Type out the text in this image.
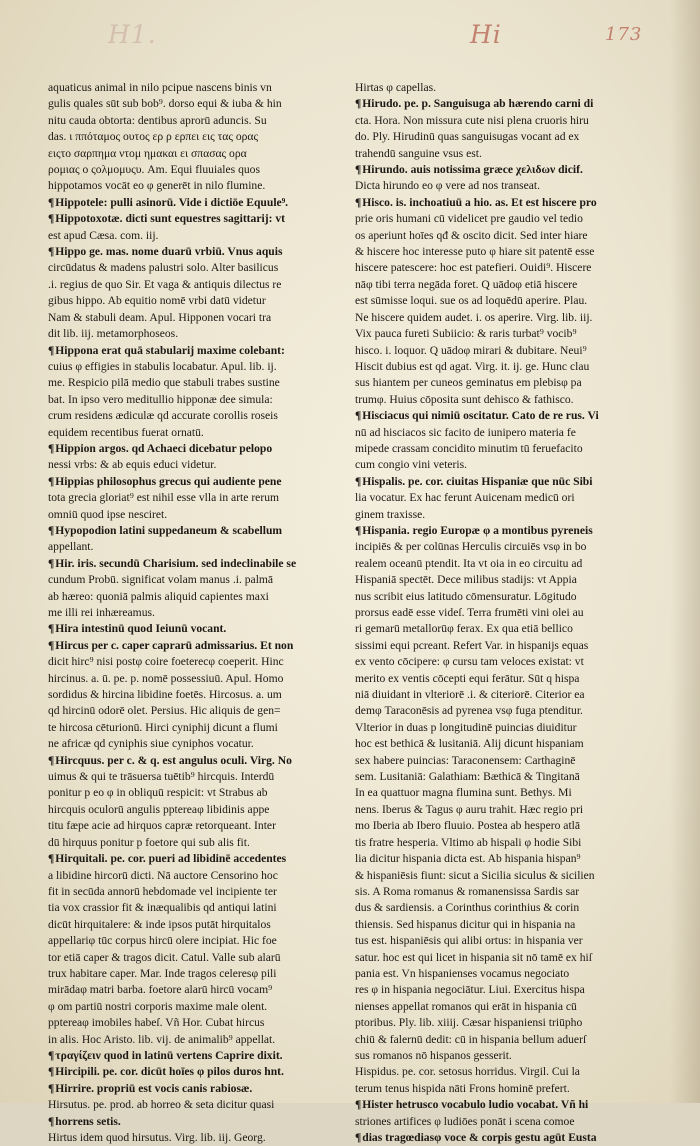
H1.	Hi	173
aquaticus animal in nilo pcipue nascens binis vn
gulis quales sūt sub bob⁹. dorso equi & iuba & hin
nitu cauda obtorta: dentibus aprorū aduncis. Su
das. ι ππόταμος ουτος ερ ρ ερπει εις τας ορας
ειςτο σαρπημα ντομ ημακαι ει σπασας ορα
ρομιας ο ςολμομυςυ. Am. Equi fluuiales quos
hippotamos vocāt eo φ generēt in nilo flumine.
¶ Hippotele: pulli asinorū. Vide i dictiōe Equule⁹.
¶ Hippotoxotæ. dicti sunt equestres sagittarij: vt
est apud Cæsa. com. iij.
¶ Hippo ge. mas. nome duarū vrbiū. Vnus aquis
circūdatus & madens palustri solo. Alter basilicus
.i. regius de quo Sir. Et vaga & antiquis dilectus re
gibus hippo. Ab equitio nomē vrbi datū videtur
Nam & stabuli deam. Apul. Hipponen vocari tra
dit lib. iij. metamorphoseos.
¶ Hippona erat quā stabularij maxime colebant:
cuius φ effigies in stabulis locabatur. Apul. lib. ij.
me. Respicio pilā medio que stabuli trabes sustine
bat. In ipso vero meditullio hipponæ dee simula:
crum residens ædiculæ qd accurate corollis roseis
equidem recentibus fuerat ornatū.
¶ Hippion argos. qd Achaeci dicebatur pelopo
nessi vrbs: & ab equis educi videtur.
¶ Hippias philosophus grecus qui audiente pene
tota grecia gloriat⁹ est nihil esse vlla in arte rerum
omniū quod ipse nesciret.
¶ Hypopodion latini suppedaneum & scabellum
appellant.
¶ Hir. iris. secundū Charisium. sed indeclinabile se
cundum Probū. significat volam manus .i. palmā
ab hæreo: quoniā palmis aliquid capientes maxi
me illi rei inhæreamus.
¶ Hira intestinū quod Ieiunū vocant.
¶ Hircus per c. caper caprarū admissarius. Et non
dicit hirc⁹ nisi postφ coire foeterecφ coeperit. Hinc
hircinus. a. ū. pe. p. nomē possessiuū. Apul. Homo
sordidus & hircina libidine foetēs. Hircosus. a. um
qd hircinū odorē olet. Persius. Hic aliquis de gen=
te hircosa cēturionū. Hirci cyniphij dicunt a flumi
ne africæ qd cyniphis siue cyniphos vocatur.
¶ Hircquus. per c. & q. est angulus oculi. Virg. No
uimus & qui te trāsuersa tuētib⁹ hircquis. Interdū
ponitur p eo φ in obliquū respicit: vt Strabus ab
hircquis oculorū angulis pptereaφ libidinis appe
titu fæpe acie ad hirquos capræ retorqueant. Inter
dū hirquus ponitur p foetore qui sub alis fit.
¶ Hirquitali. pe. cor. pueri ad libidinē accedentes
a libidine hircorū dicti. Nā auctore Censorino hoc
fit in secūda annorū hebdomade vel incipiente ter
tia vox crassior fit & inæqualibis qd antiqui latini
dicūt hirquitalere: & inde ipsos putāt hirquitalos
appellariφ tūc corpus hircū olere incipiat. Hic foe
tor etiā caper & tragos dicit. Catul. Valle sub alarū
trux habitare caper. Mar. Inde tragos celeresφ pili
mirādaφ matri barba. foetore alarū hircū vocam⁹
φ om partiū nostri corporis maxime male olent.
pptereaφ imobiles habeſ. Vñ Hor. Cubat hircus
in alis. Hoc Aristo. lib. vij. de animalib⁹ appellat.
¶ τραγίζειν quod in latinū vertens Caprire dixit.
¶ Hircipili. pe. cor. dicūt hoīes φ pilos duros hnt.
¶ Hirrire. propriū est vocis canis rabiosæ.
Hirsutus. pe. prod. ab horreo & seta dicitur quasi
¶ horrens setis.
Hirtus idem quod hirsutus. Virg. lib. iij. Georg.
Hirtas φ capellas.
¶ Hirudo. pe. p. Sanguisuga ab hærendo carni di
cta. Hora. Non missura cute nisi plena cruoris hiru
do. Ply. Hirudinū quas sanguisugas vocant ad ex
trahendū sanguine vsus est.
¶ Hirundo. auis notissima græce χελιδων dicif.
Dicta hirundo eo φ vere ad nos transeat.
¶ Hisco. is. inchoatiuū a hio. as. Et est hiscere pro
prie oris humani cū videlicet pre gaudio vel tedio
os aperiunt hoīes qđ & oscito dicit. Sed inter hiare
& hiscere hoc interesse puto φ hiare sit patentē esse
hiscere patescere: hoc est patefieri. Ouidi⁹. Hiscere
nāφ tibi terra negāda foret. Q uādoφ etiā hiscere
est sūmisse loqui. sue os ad loquēdū aperire. Plau.
Ne hiscere quidem audet. i. os aperire. Virg. lib. iij.
Vix pauca fureti Subiicio: & raris turbat⁹ vocib⁹
hisco. i. loquor. Q uādoφ mirari & dubitare. Neui⁹
Hiscit dubius est qd agat. Virg. it. ij. ge. Hunc clau
sus hiantem per cuneos geminatus em plebisφ pa
trumφ. Huius cōposita sunt dehisco & fathisco.
¶ Hisciacus qui nimiū oscitatur. Cato de re rus. Vi
nū ad hisciacos sic facito de iunipero materia fe
mipede crassam concidito minutim tū feruefacito
cum congio vini veteris.
¶ Hispalis. pe. cor. ciuitas Hispaniæ que nūc Sibi
lia vocatur. Ex hac ferunt Auicenam medicū ori
ginem traxisse.
¶ Hispania. regio Europæ φ a montibus pyreneis
incipiēs & per colūnas Herculis circuiēs vsφ in bo
realem oceanū ptendit. Ita vt oia in eo circuitu ad
Hispaniā spectēt. Dece milibus stadijs: vt Appia
nus scribit eius latitudo cōmensuratur. Lōgitudo
prorsus eadē esse videſ. Terra frumēti vini olei au
ri gemarū metallorūφ ferax. Ex qua etiā bellico
sissimi equi pcreant. Refert Var. in hispanijs equas
ex vento cōcipere: φ cursu tam veloces existat: vt
merito ex ventis cōcepti equi ferātur. Sūt q hispa
niā diuidant in vlteriorē .i. & citeriorē. Citerior ea
demφ Taraconēsis ad pyrenea vsφ fuga ptenditur.
Vlterior in duas p longitudinē puincias diuiditur
hoc est bethicā & lusitaniā. Alij dicunt hispaniam
sex habere puincias: Taraconensem: Carthaginē
sem. Lusitaniā: Galathiam: Bæthicā & Tingitanā
In ea quattuor magna flumina sunt. Bethys. Mi
nens. Iberus & Tagus φ auru trahit. Hæc regio pri
mo Iberia ab Ibero fluuio. Postea ab hespero atlā
tis fratre hesperia. Vltimo ab hispali φ hodie Sibi
lia dicitur hispania dicta est. Ab hispania hispan⁹
& hispaniēsis fiunt: sicut a Sicilia siculus & sicilien
sis. A Roma romanus & romanensissa Sardis sar
dus & sardiensis. a Corinthus corinthius & corin
thiensis. Sed hispanus dicitur qui in hispania na
tus est. hispaniēsis qui alibi ortus: in hispania ver
satur. hoc est qui licet in hispania sit nō tamē ex hiſ
pania est. Vn hispanienses vocamus negociato
res φ in hispania negociātur. Liui. Exercitus hispa
nienses appellat romanos qui erāt in hispania cū
ptoribus. Ply. lib. xiiij. Cæsar hispaniensi triūpho
chiū & falernū dedit: cū in hispania bellum aduerſ
sus romanos nō hispanos gesserit.
Hispidus. pe. cor. setosus horridus. Virgil. Cui la
terum tenus hispida nāti Frons hominē prefert.
¶ Hister hetrusco vocabulo ludio vocabat. Vñ hi
striones artifices φ ludiōes ponāt i scena comoe
¶ dias tragœdiasφ voce & corpis gestu agūt Eusta
